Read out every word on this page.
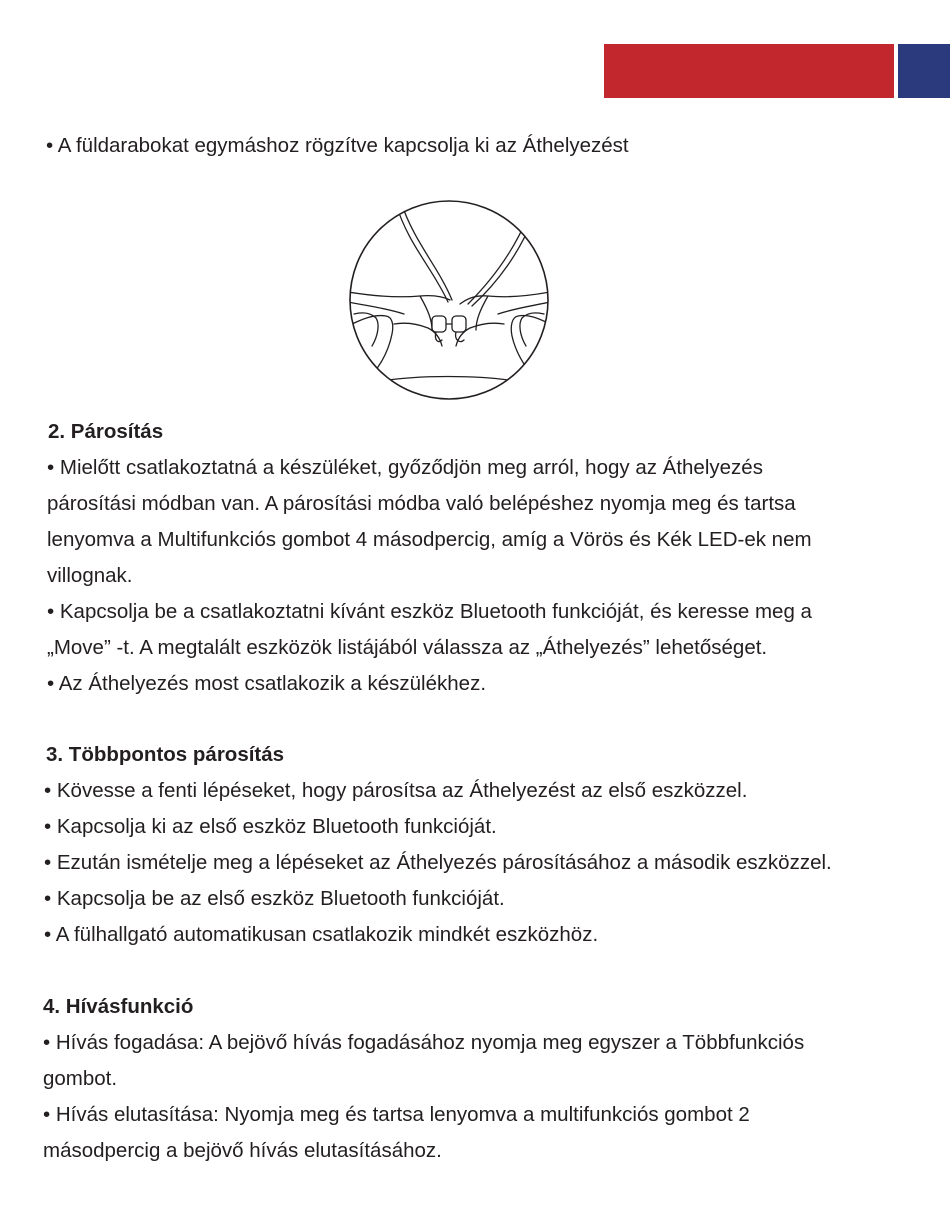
• A füldarabokat egymáshoz rögzítve kapcsolja ki az Áthelyezést
2. Párosítás
• Mielőtt csatlakoztatná a készüléket, győződjön meg arról, hogy az Áthelyezés
párosítási módban van. A párosítási módba való belépéshez nyomja meg és tartsa
lenyomva a Multifunkciós gombot 4 másodpercig, amíg a Vörös és Kék LED-ek nem
villognak.
• Kapcsolja be a csatlakoztatni kívánt eszköz Bluetooth funkcióját, és keresse meg a
„Move” -t. A megtalált eszközök listájából válassza az „Áthelyezés” lehetőséget.
• Az Áthelyezés most csatlakozik a készülékhez.
3. Többpontos párosítás
• Kövesse a fenti lépéseket, hogy párosítsa az Áthelyezést az első eszközzel.
• Kapcsolja ki az első eszköz Bluetooth funkcióját.
• Ezután ismételje meg a lépéseket az Áthelyezés párosításához a második eszközzel.
• Kapcsolja be az első eszköz Bluetooth funkcióját.
• A fülhallgató automatikusan csatlakozik mindkét eszközhöz.
4. Hívásfunkció
• Hívás fogadása: A bejövő hívás fogadásához nyomja meg egyszer a Többfunkciós
gombot.
• Hívás elutasítása: Nyomja meg és tartsa lenyomva a multifunkciós gombot 2
másodpercig a bejövő hívás elutasításához.
